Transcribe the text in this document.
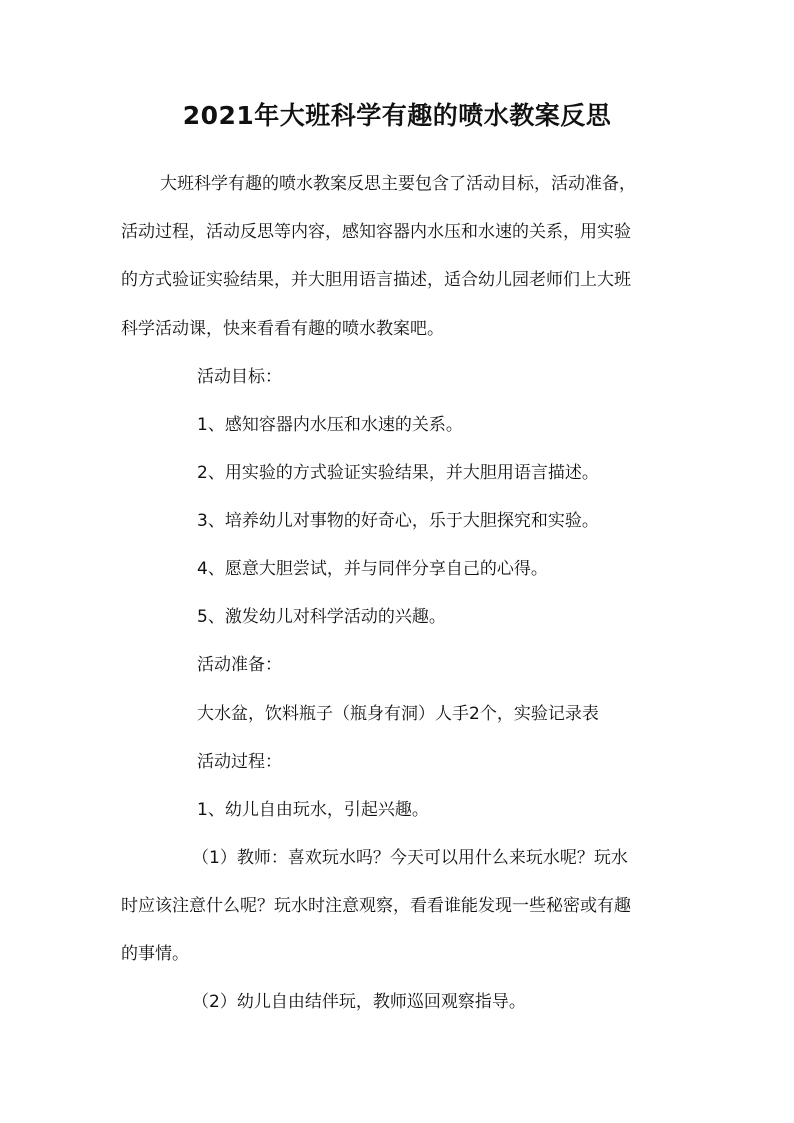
2021年大班科学有趣的喷水教案反思
大班科学有趣的喷水教案反思主要包含了活动目标，活动准备，
活动过程，活动反思等内容，感知容器内水压和水速的关系，用实验
的方式验证实验结果，并大胆用语言描述，适合幼儿园老师们上大班
科学活动课，快来看看有趣的喷水教案吧。
活动目标：
1、感知容器内水压和水速的关系。
2、用实验的方式验证实验结果，并大胆用语言描述。
3、培养幼儿对事物的好奇心，乐于大胆探究和实验。
4、愿意大胆尝试，并与同伴分享自己的心得。
5、激发幼儿对科学活动的兴趣。
活动准备：
大水盆，饮料瓶子（瓶身有洞）人手2个，实验记录表
活动过程：
1、幼儿自由玩水，引起兴趣。
（1）教师：喜欢玩水吗？今天可以用什么来玩水呢？玩水
时应该注意什么呢？玩水时注意观察，看看谁能发现一些秘密或有趣
的事情。
（2）幼儿自由结伴玩，教师巡回观察指导。
